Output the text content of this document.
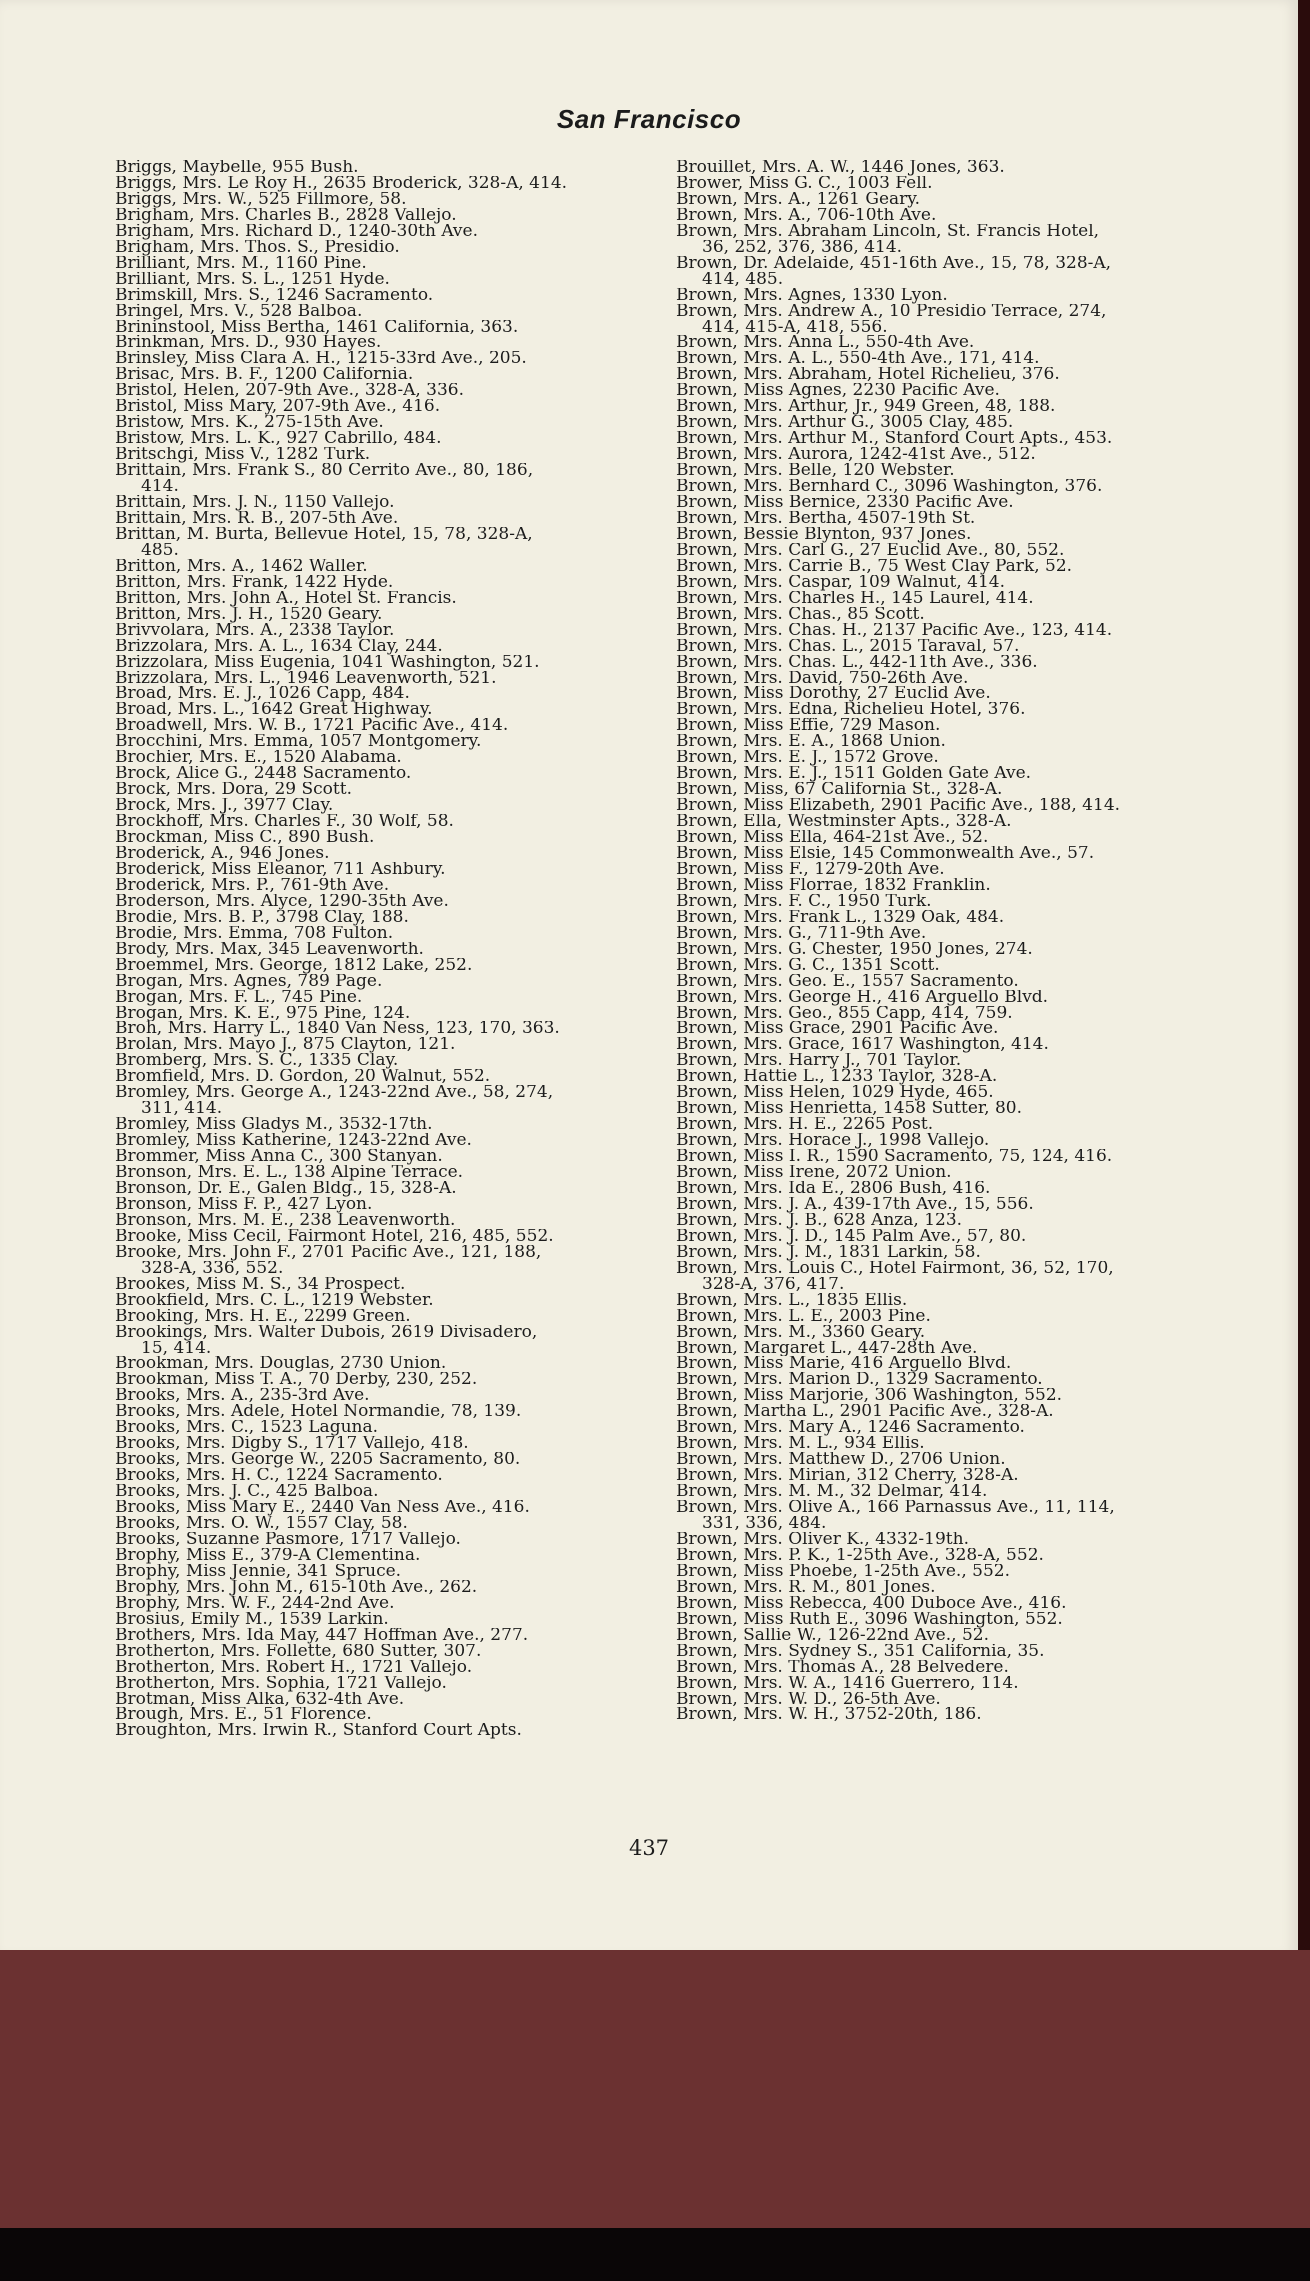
San Francisco
Briggs, Maybelle, 955 Bush.
Briggs, Mrs. Le Roy H., 2635 Broderick, 328-A, 414.
Briggs, Mrs. W., 525 Fillmore, 58.
Brigham, Mrs. Charles B., 2828 Vallejo.
Brigham, Mrs. Richard D., 1240-30th Ave.
Brigham, Mrs. Thos. S., Presidio.
Brilliant, Mrs. M., 1160 Pine.
Brilliant, Mrs. S. L., 1251 Hyde.
Brimskill, Mrs. S., 1246 Sacramento.
Bringel, Mrs. V., 528 Balboa.
Brininstool, Miss Bertha, 1461 California, 363.
Brinkman, Mrs. D., 930 Hayes.
Brinsley, Miss Clara A. H., 1215-33rd Ave., 205.
Brisac, Mrs. B. F., 1200 California.
Bristol, Helen, 207-9th Ave., 328-A, 336.
Bristol, Miss Mary, 207-9th Ave., 416.
Bristow, Mrs. K., 275-15th Ave.
Bristow, Mrs. L. K., 927 Cabrillo, 484.
Britschgi, Miss V., 1282 Turk.
Brittain, Mrs. Frank S., 80 Cerrito Ave., 80, 186,
414.
Brittain, Mrs. J. N., 1150 Vallejo.
Brittain, Mrs. R. B., 207-5th Ave.
Brittan, M. Burta, Bellevue Hotel, 15, 78, 328-A,
485.
Britton, Mrs. A., 1462 Waller.
Britton, Mrs. Frank, 1422 Hyde.
Britton, Mrs. John A., Hotel St. Francis.
Britton, Mrs. J. H., 1520 Geary.
Brivvolara, Mrs. A., 2338 Taylor.
Brizzolara, Mrs. A. L., 1634 Clay, 244.
Brizzolara, Miss Eugenia, 1041 Washington, 521.
Brizzolara, Mrs. L., 1946 Leavenworth, 521.
Broad, Mrs. E. J., 1026 Capp, 484.
Broad, Mrs. L., 1642 Great Highway.
Broadwell, Mrs. W. B., 1721 Pacific Ave., 414.
Brocchini, Mrs. Emma, 1057 Montgomery.
Brochier, Mrs. E., 1520 Alabama.
Brock, Alice G., 2448 Sacramento.
Brock, Mrs. Dora, 29 Scott.
Brock, Mrs. J., 3977 Clay.
Brockhoff, Mrs. Charles F., 30 Wolf, 58.
Brockman, Miss C., 890 Bush.
Broderick, A., 946 Jones.
Broderick, Miss Eleanor, 711 Ashbury.
Broderick, Mrs. P., 761-9th Ave.
Broderson, Mrs. Alyce, 1290-35th Ave.
Brodie, Mrs. B. P., 3798 Clay, 188.
Brodie, Mrs. Emma, 708 Fulton.
Brody, Mrs. Max, 345 Leavenworth.
Broemmel, Mrs. George, 1812 Lake, 252.
Brogan, Mrs. Agnes, 789 Page.
Brogan, Mrs. F. L., 745 Pine.
Brogan, Mrs. K. E., 975 Pine, 124.
Broh, Mrs. Harry L., 1840 Van Ness, 123, 170, 363.
Brolan, Mrs. Mayo J., 875 Clayton, 121.
Bromberg, Mrs. S. C., 1335 Clay.
Bromfield, Mrs. D. Gordon, 20 Walnut, 552.
Bromley, Mrs. George A., 1243-22nd Ave., 58, 274,
311, 414.
Bromley, Miss Gladys M., 3532-17th.
Bromley, Miss Katherine, 1243-22nd Ave.
Brommer, Miss Anna C., 300 Stanyan.
Bronson, Mrs. E. L., 138 Alpine Terrace.
Bronson, Dr. E., Galen Bldg., 15, 328-A.
Bronson, Miss F. P., 427 Lyon.
Bronson, Mrs. M. E., 238 Leavenworth.
Brooke, Miss Cecil, Fairmont Hotel, 216, 485, 552.
Brooke, Mrs. John F., 2701 Pacific Ave., 121, 188,
328-A, 336, 552.
Brookes, Miss M. S., 34 Prospect.
Brookfield, Mrs. C. L., 1219 Webster.
Brooking, Mrs. H. E., 2299 Green.
Brookings, Mrs. Walter Dubois, 2619 Divisadero,
15, 414.
Brookman, Mrs. Douglas, 2730 Union.
Brookman, Miss T. A., 70 Derby, 230, 252.
Brooks, Mrs. A., 235-3rd Ave.
Brooks, Mrs. Adele, Hotel Normandie, 78, 139.
Brooks, Mrs. C., 1523 Laguna.
Brooks, Mrs. Digby S., 1717 Vallejo, 418.
Brooks, Mrs. George W., 2205 Sacramento, 80.
Brooks, Mrs. H. C., 1224 Sacramento.
Brooks, Mrs. J. C., 425 Balboa.
Brooks, Miss Mary E., 2440 Van Ness Ave., 416.
Brooks, Mrs. O. W., 1557 Clay, 58.
Brooks, Suzanne Pasmore, 1717 Vallejo.
Brophy, Miss E., 379-A Clementina.
Brophy, Miss Jennie, 341 Spruce.
Brophy, Mrs. John M., 615-10th Ave., 262.
Brophy, Mrs. W. F., 244-2nd Ave.
Brosius, Emily M., 1539 Larkin.
Brothers, Mrs. Ida May, 447 Hoffman Ave., 277.
Brotherton, Mrs. Follette, 680 Sutter, 307.
Brotherton, Mrs. Robert H., 1721 Vallejo.
Brotherton, Mrs. Sophia, 1721 Vallejo.
Brotman, Miss Alka, 632-4th Ave.
Brough, Mrs. E., 51 Florence.
Broughton, Mrs. Irwin R., Stanford Court Apts.
Brouillet, Mrs. A. W., 1446 Jones, 363.
Brower, Miss G. C., 1003 Fell.
Brown, Mrs. A., 1261 Geary.
Brown, Mrs. A., 706-10th Ave.
Brown, Mrs. Abraham Lincoln, St. Francis Hotel,
36, 252, 376, 386, 414.
Brown, Dr. Adelaide, 451-16th Ave., 15, 78, 328-A,
414, 485.
Brown, Mrs. Agnes, 1330 Lyon.
Brown, Mrs. Andrew A., 10 Presidio Terrace, 274,
414, 415-A, 418, 556.
Brown, Mrs. Anna L., 550-4th Ave.
Brown, Mrs. A. L., 550-4th Ave., 171, 414.
Brown, Mrs. Abraham, Hotel Richelieu, 376.
Brown, Miss Agnes, 2230 Pacific Ave.
Brown, Mrs. Arthur, Jr., 949 Green, 48, 188.
Brown, Mrs. Arthur G., 3005 Clay, 485.
Brown, Mrs. Arthur M., Stanford Court Apts., 453.
Brown, Mrs. Aurora, 1242-41st Ave., 512.
Brown, Mrs. Belle, 120 Webster.
Brown, Mrs. Bernhard C., 3096 Washington, 376.
Brown, Miss Bernice, 2330 Pacific Ave.
Brown, Mrs. Bertha, 4507-19th St.
Brown, Bessie Blynton, 937 Jones.
Brown, Mrs. Carl G., 27 Euclid Ave., 80, 552.
Brown, Mrs. Carrie B., 75 West Clay Park, 52.
Brown, Mrs. Caspar, 109 Walnut, 414.
Brown, Mrs. Charles H., 145 Laurel, 414.
Brown, Mrs. Chas., 85 Scott.
Brown, Mrs. Chas. H., 2137 Pacific Ave., 123, 414.
Brown, Mrs. Chas. L., 2015 Taraval, 57.
Brown, Mrs. Chas. L., 442-11th Ave., 336.
Brown, Mrs. David, 750-26th Ave.
Brown, Miss Dorothy, 27 Euclid Ave.
Brown, Mrs. Edna, Richelieu Hotel, 376.
Brown, Miss Effie, 729 Mason.
Brown, Mrs. E. A., 1868 Union.
Brown, Mrs. E. J., 1572 Grove.
Brown, Mrs. E. J., 1511 Golden Gate Ave.
Brown, Miss, 67 California St., 328-A.
Brown, Miss Elizabeth, 2901 Pacific Ave., 188, 414.
Brown, Ella, Westminster Apts., 328-A.
Brown, Miss Ella, 464-21st Ave., 52.
Brown, Miss Elsie, 145 Commonwealth Ave., 57.
Brown, Miss F., 1279-20th Ave.
Brown, Miss Florrae, 1832 Franklin.
Brown, Mrs. F. C., 1950 Turk.
Brown, Mrs. Frank L., 1329 Oak, 484.
Brown, Mrs. G., 711-9th Ave.
Brown, Mrs. G. Chester, 1950 Jones, 274.
Brown, Mrs. G. C., 1351 Scott.
Brown, Mrs. Geo. E., 1557 Sacramento.
Brown, Mrs. George H., 416 Arguello Blvd.
Brown, Mrs. Geo., 855 Capp, 414, 759.
Brown, Miss Grace, 2901 Pacific Ave.
Brown, Mrs. Grace, 1617 Washington, 414.
Brown, Mrs. Harry J., 701 Taylor.
Brown, Hattie L., 1233 Taylor, 328-A.
Brown, Miss Helen, 1029 Hyde, 465.
Brown, Miss Henrietta, 1458 Sutter, 80.
Brown, Mrs. H. E., 2265 Post.
Brown, Mrs. Horace J., 1998 Vallejo.
Brown, Miss I. R., 1590 Sacramento, 75, 124, 416.
Brown, Miss Irene, 2072 Union.
Brown, Mrs. Ida E., 2806 Bush, 416.
Brown, Mrs. J. A., 439-17th Ave., 15, 556.
Brown, Mrs. J. B., 628 Anza, 123.
Brown, Mrs. J. D., 145 Palm Ave., 57, 80.
Brown, Mrs. J. M., 1831 Larkin, 58.
Brown, Mrs. Louis C., Hotel Fairmont, 36, 52, 170,
328-A, 376, 417.
Brown, Mrs. L., 1835 Ellis.
Brown, Mrs. L. E., 2003 Pine.
Brown, Mrs. M., 3360 Geary.
Brown, Margaret L., 447-28th Ave.
Brown, Miss Marie, 416 Arguello Blvd.
Brown, Mrs. Marion D., 1329 Sacramento.
Brown, Miss Marjorie, 306 Washington, 552.
Brown, Martha L., 2901 Pacific Ave., 328-A.
Brown, Mrs. Mary A., 1246 Sacramento.
Brown, Mrs. M. L., 934 Ellis.
Brown, Mrs. Matthew D., 2706 Union.
Brown, Mrs. Mirian, 312 Cherry, 328-A.
Brown, Mrs. M. M., 32 Delmar, 414.
Brown, Mrs. Olive A., 166 Parnassus Ave., 11, 114,
331, 336, 484.
Brown, Mrs. Oliver K., 4332-19th.
Brown, Mrs. P. K., 1-25th Ave., 328-A, 552.
Brown, Miss Phoebe, 1-25th Ave., 552.
Brown, Mrs. R. M., 801 Jones.
Brown, Miss Rebecca, 400 Duboce Ave., 416.
Brown, Miss Ruth E., 3096 Washington, 552.
Brown, Sallie W., 126-22nd Ave., 52.
Brown, Mrs. Sydney S., 351 California, 35.
Brown, Mrs. Thomas A., 28 Belvedere.
Brown, Mrs. W. A., 1416 Guerrero, 114.
Brown, Mrs. W. D., 26-5th Ave.
Brown, Mrs. W. H., 3752-20th, 186.
437
